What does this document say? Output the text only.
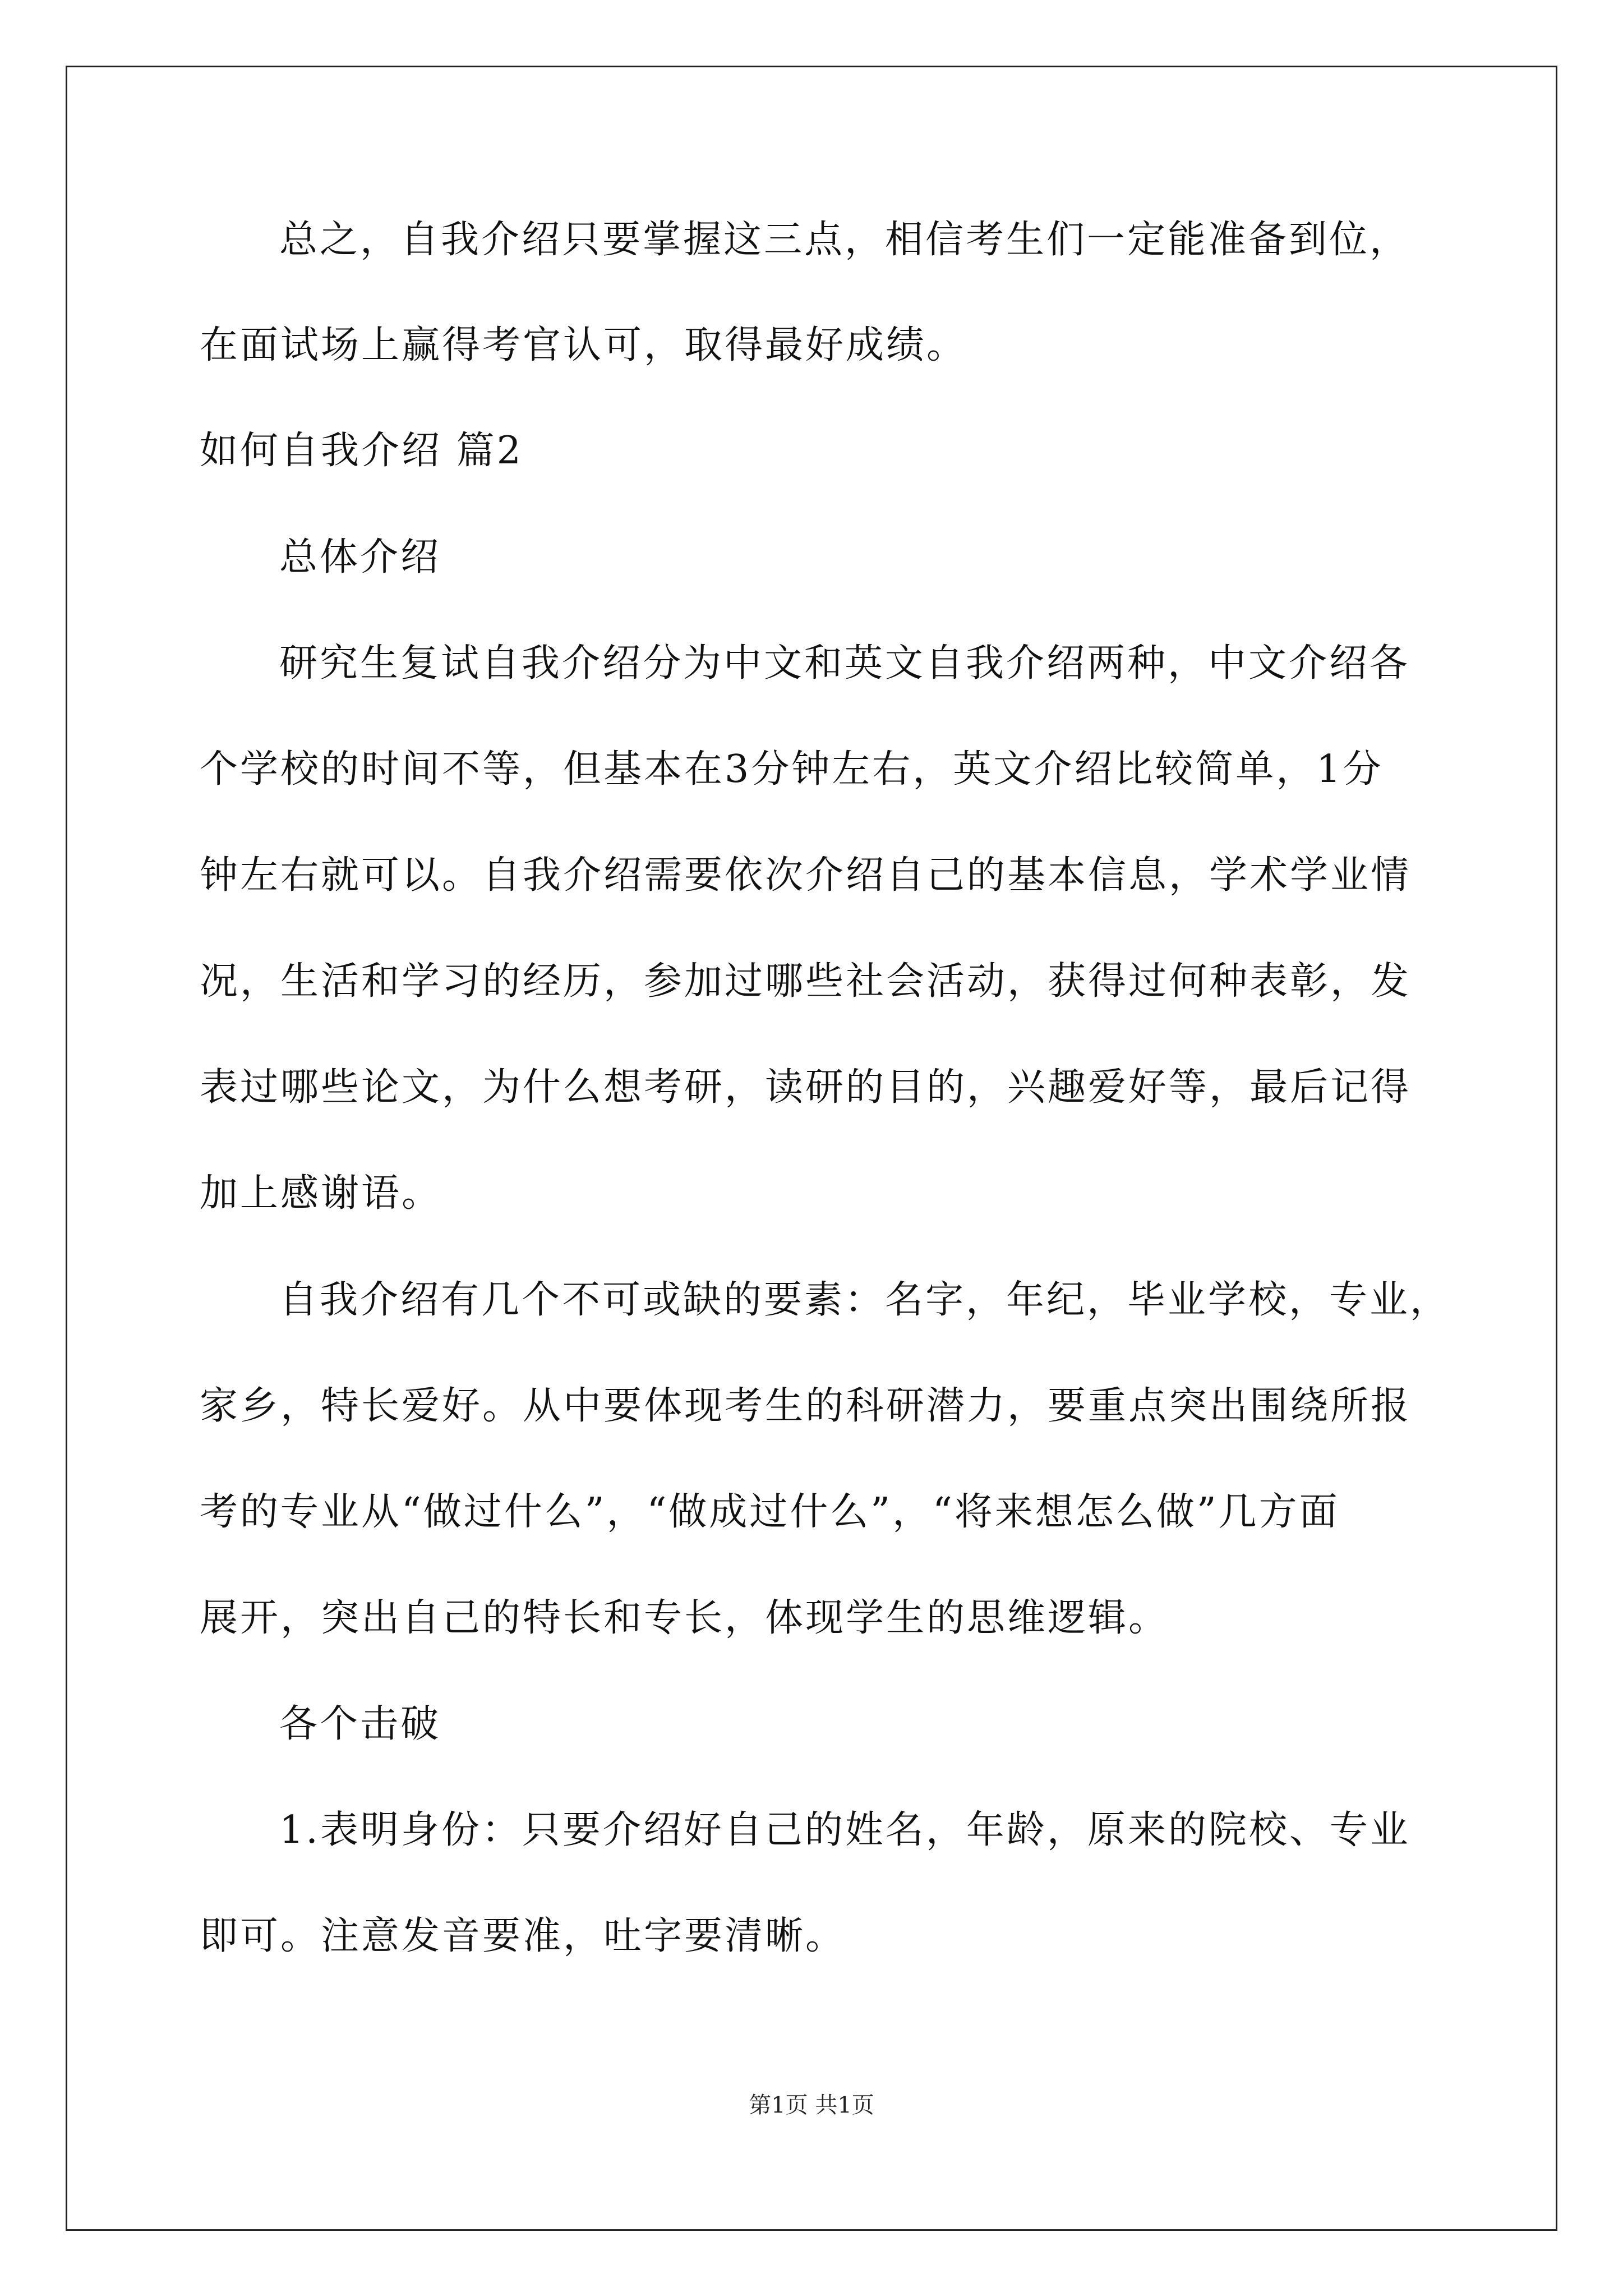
总之，自我介绍只要掌握这三点，相信考生们一定能准备到位，
在面试场上赢得考官认可，取得最好成绩。
如何自我介绍 篇2
总体介绍
研究生复试自我介绍分为中文和英文自我介绍两种，中文介绍各
个学校的时间不等，但基本在3分钟左右，英文介绍比较简单，1分
钟左右就可以。自我介绍需要依次介绍自己的基本信息，学术学业情
况，生活和学习的经历，参加过哪些社会活动，获得过何种表彰，发
表过哪些论文，为什么想考研，读研的目的，兴趣爱好等，最后记得
加上感谢语。
自我介绍有几个不可或缺的要素：名字，年纪，毕业学校，专业，
家乡，特长爱好。从中要体现考生的科研潜力，要重点突出围绕所报
考的专业从“做过什么”，“做成过什么”，“将来想怎么做”几方面
展开，突出自己的特长和专长，体现学生的思维逻辑。
各个击破
1.表明身份：只要介绍好自己的姓名，年龄，原来的院校、专业
即可。注意发音要准，吐字要清晰。
第1页 共1页
